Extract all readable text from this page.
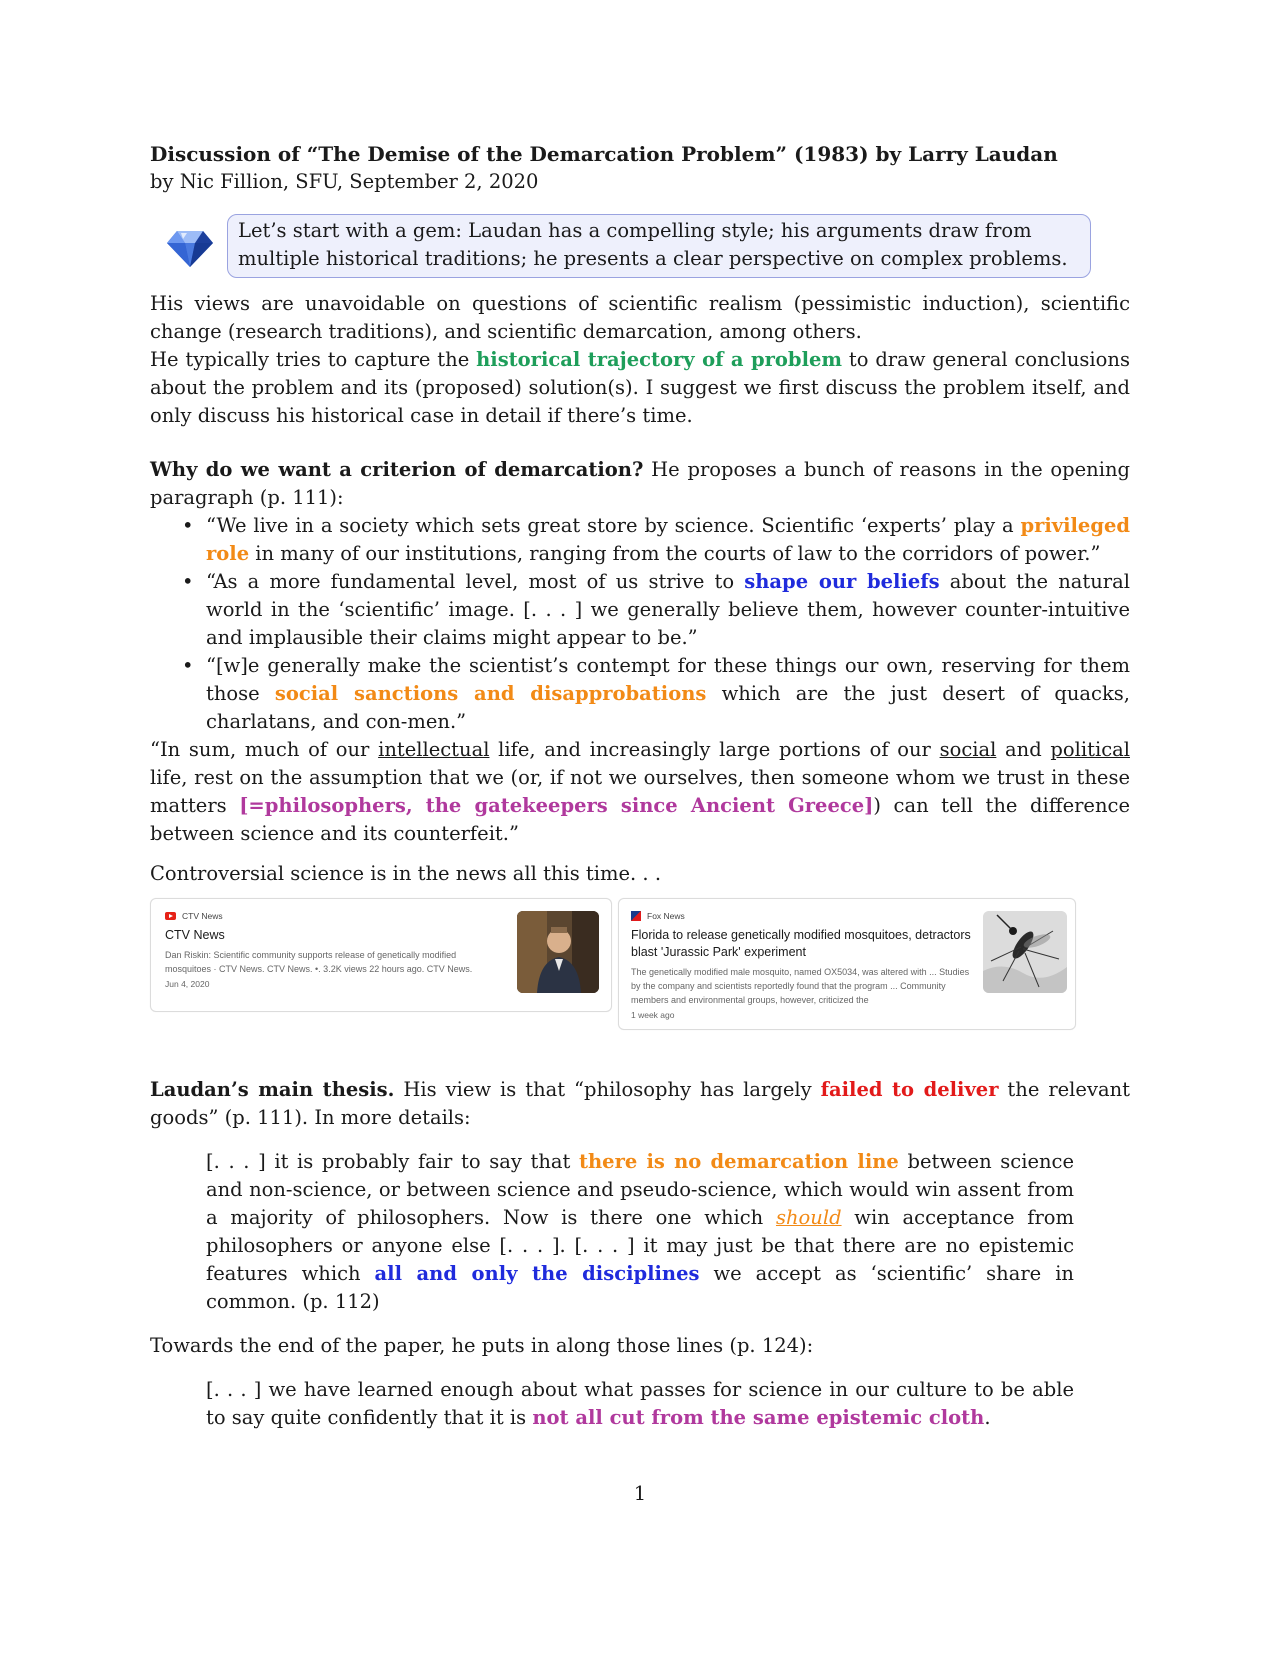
Discussion of “The Demise of the Demarcation Problem” (1983) by Larry Laudan

by Nic Fillion, SFU, September 2, 2020

Let’s start with a gem: Laudan has a compelling style; his arguments draw from multiple historical traditions; he presents a clear perspective on complex problems.

His views are unavoidable on questions of scientific realism (pessimistic induction), scientific change (research traditions), and scientific demarcation, among others.

He typically tries to capture the historical trajectory of a problem to draw general conclusions about the problem and its (proposed) solution(s). I suggest we first discuss the problem itself, and only discuss his historical case in detail if there’s time.

Why do we want a criterion of demarcation? He proposes a bunch of reasons in the opening paragraph (p. 111):

• “We live in a society which sets great store by science. Scientific ‘experts’ play a privileged role in many of our institutions, ranging from the courts of law to the corridors of power.”
• “As a more fundamental level, most of us strive to shape our beliefs about the natural world in the ‘scientific’ image. [. . . ] we generally believe them, however counter-intuitive and implausible their claims might appear to be.”
• “[w]e generally make the scientist’s contempt for these things our own, reserving for them those social sanctions and disapprobations which are the just desert of quacks, charlatans, and con-men.”

“In sum, much of our intellectual life, and increasingly large portions of our social and political life, rest on the assumption that we (or, if not we ourselves, then someone whom we trust in these matters [=philosophers, the gatekeepers since Ancient Greece]) can tell the difference between science and its counterfeit.”

Controversial science is in the news all this time. . .

CTV News
CTV News
Dan Riskin: Scientific community supports release of genetically modified mosquitoes · CTV News. CTV News. •. 3.2K views 22 hours ago. CTV News.
Jun 4, 2020
Fox News
Florida to release genetically modified mosquitoes, detractors blast 'Jurassic Park' experiment
The genetically modified male mosquito, named OX5034, was altered with ... Studies by the company and scientists reportedly found that the program ... Community members and environmental groups, however, criticized the
1 week ago

Laudan’s main thesis. His view is that “philosophy has largely failed to deliver the relevant goods” (p. 111). In more details:

[. . . ] it is probably fair to say that there is no demarcation line between science and non-science, or between science and pseudo-science, which would win assent from a majority of philosophers. Now is there one which should win acceptance from philosophers or anyone else [. . . ]. [. . . ] it may just be that there are no epistemic features which all and only the disciplines we accept as ‘scientific’ share in common. (p. 112)

Towards the end of the paper, he puts in along those lines (p. 124):

[. . . ] we have learned enough about what passes for science in our culture to be able to say quite confidently that it is not all cut from the same epistemic cloth.

1
